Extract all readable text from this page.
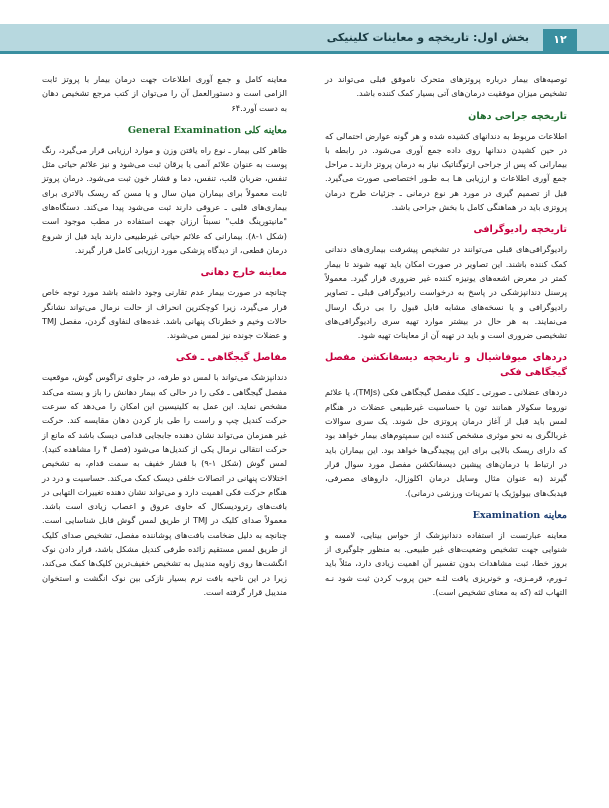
بخش اول: تاریخچه و معاینات کلینیکی	۱۲

توصیه‌های بیمار درباره پروتزهای متحرک ناموفق قبلی می‌تواند در تشخیص میزان موفقیت درمان‌های آتی بسیار کمک کننده باشد.

تاریخچه جراحی دهان

اطلاعات مربوط به دندانهای کشیده شده و هر گونه عوارض احتمالی که در حین کشیدن دندانها روی داده جمع آوری می‌شود. در رابطه با بیمارانی که پس از جراحی ارتوگناتیک نیاز به درمان پروتز دارند ـ مراحل جمع آوری اطلاعات و ارزیابی هـا بـه طـور اختصاصی صورت می‌گیرد. قبل از تصمیم گیری در مورد هر نوع درمانی ـ جزئیات طرح درمان پروتزی باید در هماهنگی کامل با بخش جراحی باشد.

تاریخچه رادیوگرافی

رادیوگرافی‌های قبلی می‌توانند در تشخیص پیشرفت بیماری‌های دندانی کمک کننده باشند. این تصاویر در صورت امکان باید تهیه شوند تا بیمار کمتر در معرض اشعه‌های یونیزه کننده غیر ضروری قرار گیرد. معمولاً پرسنل دندانپزشکی در پاسخ به درخواست رادیوگرافی قبلی ـ تصاویر رادیوگرافی و یا نسخه‌های مشابه قابل قبول را بی درنگ ارسال می‌نمایند. به هر حال در بیشتر موارد تهیه سری رادیوگرافی‌های تشخیصی ضروری است و باید در تهیه آن از معاینات تهیه شود.

دردهای میوفاشیال و تاریخچه دیسفانکشن مفصل گیجگاهی فکی

دردهای عضلانی ـ صورتی ـ کلیک مفصل گیجگاهی فکی (TMJs)، یا علائم نوروما سکولار همانند تون یا حساسیت غیرطبیعی عضلات در هنگام لمس باید قبل از آغاز درمان پروتزی حل شوند. یک سری سوالات غربالگری به نحو موثری مشخص کننده این سمپتوم‌های بیمار خواهد بود که دارای ریسک بالایی برای این پیچیدگی‌ها خواهد بود. این بیماران باید در ارتباط با درمان‌های پیشین دیسفانکشن مفصل مورد سوال قرار گیرند (به عنوان مثال وسایل درمان اکلوزال، داروهای مصرفی، فیدبک‌های بیولوژیک یا تمرینات ورزشی درمانی).

معاینه Examination

معاینه عبارتست از استفاده دندانپزشک از حواس بینایی، لامسه و شنوایی جهت تشخیص وضعیت‌های غیر طبیعی. به منظور جلوگیری از بروز خطا، ثبت مشاهدات بدون تفسیر آن اهمیت زیادی دارد، مثلاً باید تـورم، قرمـزی، و خونریزی یافت لثـه حین پروب کردن ثبت شود نـه التهاب لثه (که به معنای تشخیص است).

معاینه کامل و جمع آوری اطلاعات جهت درمان بیمار با پروتز ثابت الزامی است و دستورالعمل آن را می‌توان از کتب مرجع تشخیص دهان به دست آورد.۶۴

معاینه کلی General Examination

ظاهر کلی بیمار ـ نوع راه یافتن وزن و موارد ارزیابی قرار می‌گیرد، رنگ پوست به عنوان علائم آنمی یا یرقان ثبت می‌شود و نیز علائم حیاتی مثل تنفس، ضربان قلب، تنفس، دما و فشار خون ثبت می‌شود. درمان پروتز ثابت معمولاً برای بیماران میان سال و یا مسن که ریسک بالاتری برای بیماری‌های قلبی ـ عروقی دارند ثبت می‌شود پیدا می‌کند. دستگاه‌های "مانیتورینگ قلب" نسبتاً ارزان جهت استفاده در مطب موجود است (شکل ۱-۸). بیمارانی که علائم حیاتی غیرطبیعی دارند باید قبل از شروع درمان قطعی، از دیدگاه پزشکی مورد ارزیابی کامل قرار گیرند.

معاینه خارج دهانی

چنانچه در صورت بیمار عدم تقارنی وجود داشته باشد مورد توجه خاص قرار می‌گیرد، زیرا کوچکترین انحراف از حالت نرمال می‌تواند نشانگر حالات وخیم و خطرناک پنهانی باشد. غده‌های لنفاوی گردن، مفصل TMJ و عضلات جونده نیز لمس می‌شوند.

مفاصل گیجگاهی ـ فکی

دندانپزشک می‌تواند با لمس دو طرفه، در جلوی تراگوس گوش، موقعیت مفصل گیجگاهی ـ فکی را در حالی که بیمار دهانش را باز و بسته می‌کند مشخص نماید. این عمل به کلینیسین این امکان را می‌دهد که سرعت حرکت کندیل چپ و راست را طی باز کردن دهان مقایسه کند. حرکت غیر همزمان می‌تواند نشان دهنده جابجایی قدامی دیسک باشد که مانع از حرکت انتقالی نرمال یکی از کندیل‌ها می‌شود (فصل ۴ را مشاهده کنید). لمس گوش (شکل ۱-۹) با فشار خفیف به سمت قدام، به تشخیص اختلالات پنهانی در اتصالات خلفی دیسک کمک می‌کند. حساسیت و درد در هنگام حرکت فکی اهمیت دارد و می‌تواند نشان دهنده تغییرات التهابی در بافت‌های رترودیسکال که حاوی عروق و اعصاب زیادی است باشد. معمولاً صدای کلیک در TMJ از طریق لمس گوش قابل شناسایی است. چنانچه به دلیل ضخامت بافت‌های پوشاننده مفصل، تشخیص صدای کلیک از طریق لمس مستقیم زائده طرفی کندیل مشکل باشد، قرار دادن نوک انگشت‌ها روی زاویه مندیبل به تشخیص خفیف‌ترین کلیک‌ها کمک می‌کند، زیرا در این ناحیه بافت نرم بسیار نازکی بین نوک انگشت و استخوان مندیبل قرار گرفته است.
